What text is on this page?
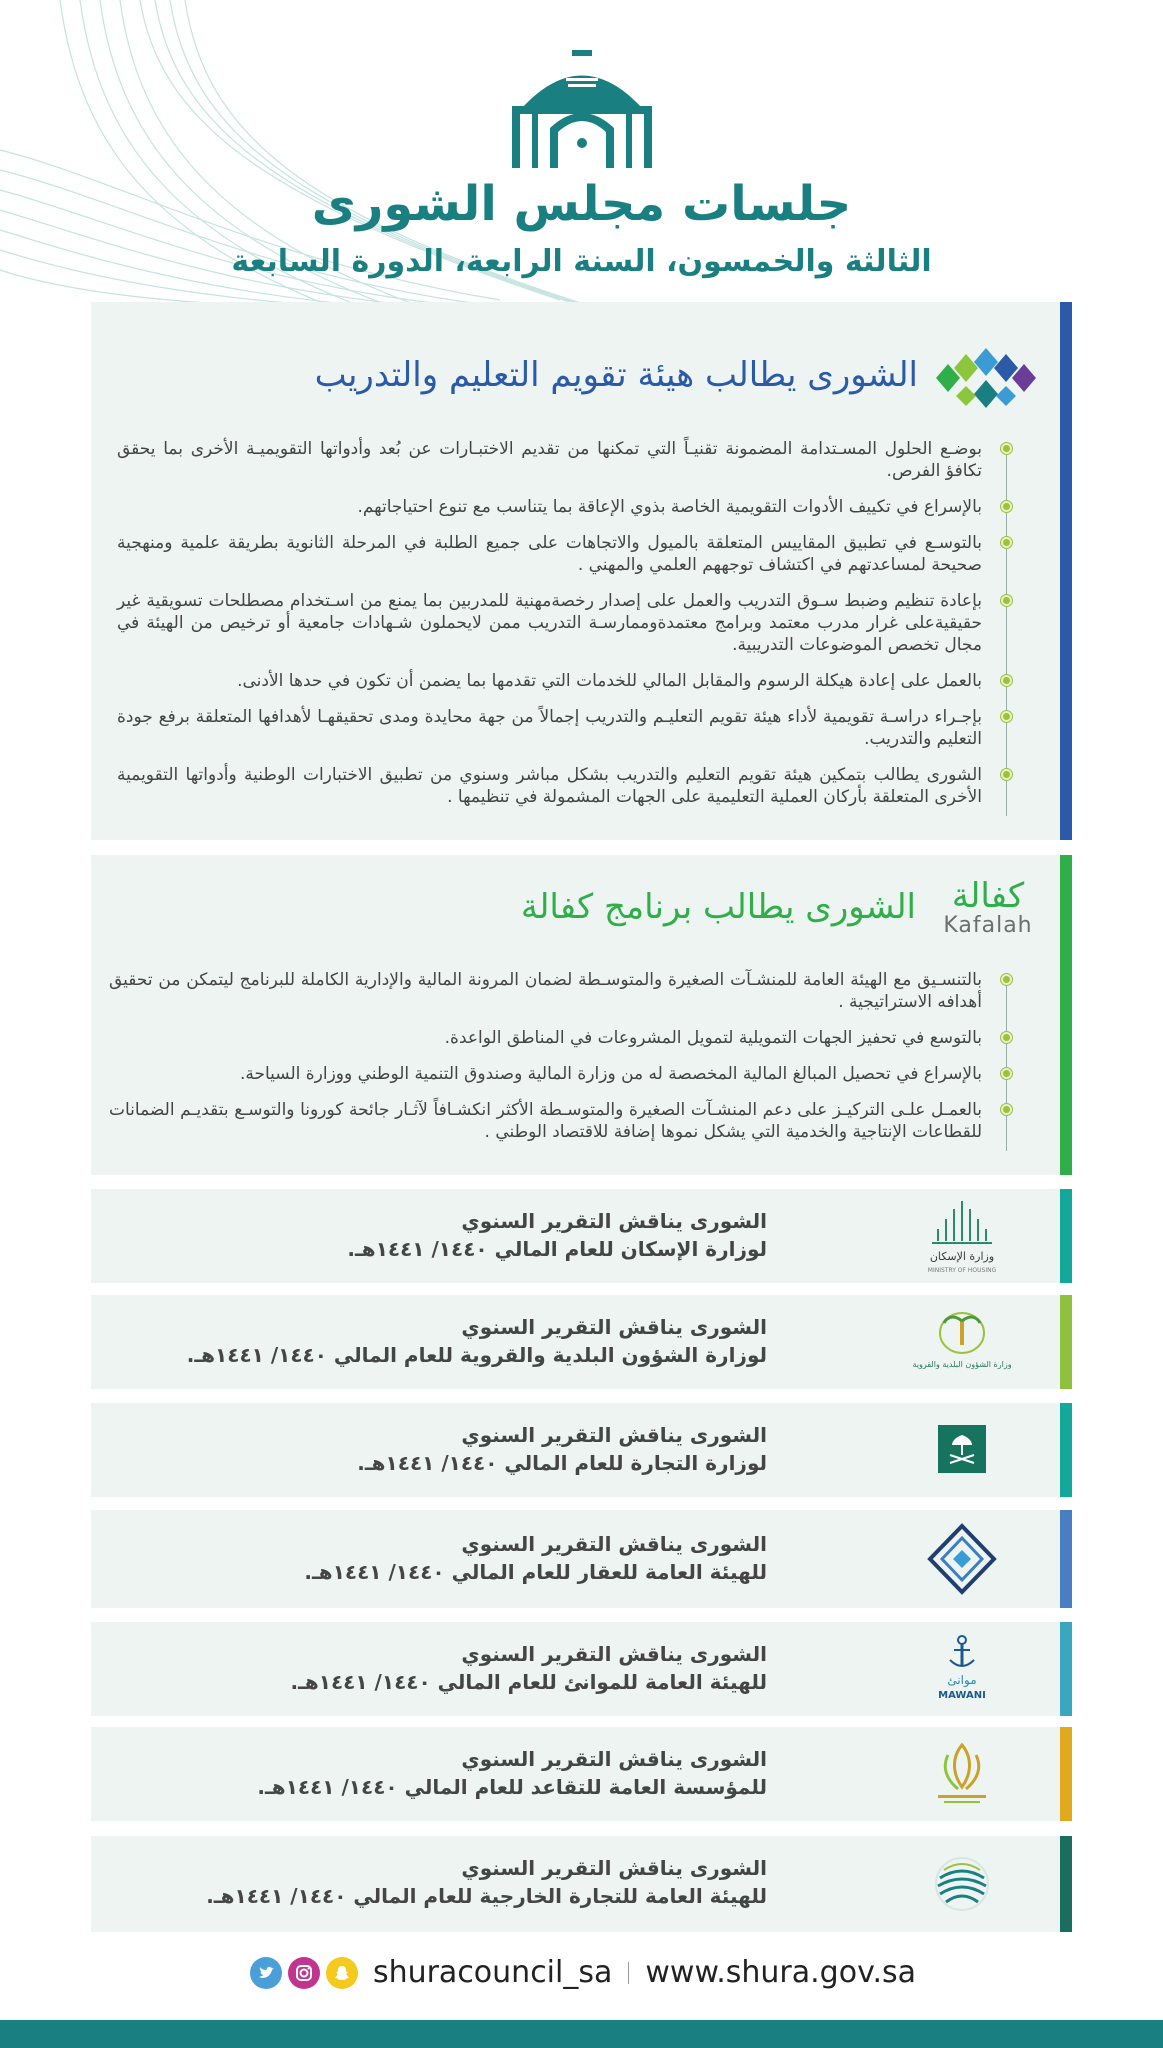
جلسات مجلس الشورى
الثالثة والخمسون، السنة الرابعة، الدورة السابعة
الشورى يطالب هيئة تقويم التعليم والتدريب
بوضـع الحلول المسـتدامة المضمونة تقنيـاً التي تمكنها من تقديم الاختبـارات عن بُعد وأدواتها التقويميـة الأخرى بما يحقق تكافؤ الفرص.
بالإسراع في تكييف الأدوات التقويمية الخاصة بذوي الإعاقة بما يتناسب مع تنوع احتياجاتهم.
بالتوسـع في تطبيق المقاييس المتعلقة بالميول والاتجاهات على جميع الطلبة في المرحلة الثانوية بطريقة علمية ومنهجية صحيحة لمساعدتهم في اكتشاف توجههم العلمي والمهني .
بإعادة تنظيم وضبط سـوق التدريب والعمل على إصدار رخصةمهنية للمدربين بما يمنع من اسـتخدام مصطلحات تسويقية غير حقيقيةعلى غرار مدرب معتمد وبرامج معتمدةوممارسـة التدريب ممن لايحملون شـهادات جامعية أو ترخيص من الهيئة في مجال تخصص الموضوعات التدريبية.
بالعمل على إعادة هيكلة الرسوم والمقابل المالي للخدمات التي تقدمها بما يضمن أن تكون في حدها الأدنى.
بإجـراء دراسـة تقويمية لأداء هيئة تقويم التعليـم والتدريب إجمالاً من جهة محايدة ومدى تحقيقهـا لأهدافها المتعلقة برفع جودة التعليم والتدريب.
الشورى يطالب بتمكين هيئة تقويم التعليم والتدريب بشكل مباشر وسنوي من تطبيق الاختبارات الوطنية وأدواتها التقويمية الأخرى المتعلقة بأركان العملية التعليمية على الجهات المشمولة في تنظيمها .
كفالة
Kafalah
الشورى يطالب برنامج كفالة
بالتنسـيق مع الهيئة العامة للمنشـآت الصغيرة والمتوسـطة لضمان المرونة المالية والإدارية الكاملة للبرنامج ليتمكن من تحقيق أهدافه الاستراتيجية .
بالتوسع في تحفيز الجهات التمويلية لتمويل المشروعات في المناطق الواعدة.
بالإسراع في تحصيل المبالغ المالية المخصصة له من وزارة المالية وصندوق التنمية الوطني ووزارة السياحة.
بالعمـل علـى التركيـز على دعم المنشـآت الصغيرة والمتوسـطة الأكثر انكشـافاً لآثـار جائحة كورونا والتوسـع بتقديـم الضمانات للقطاعات الإنتاجية والخدمية التي يشكل نموها إضافة للاقتصاد الوطني .
وزارة الإسكان
MINISTRY OF HOUSING
الشورى يناقش التقرير السنوي
لوزارة الإسكان للعام المالي ١٤٤٠/ ١٤٤١هـ.
وزارة الشؤون البلدية والقروية
الشورى يناقش التقرير السنوي
لوزارة الشؤون البلدية والقروية للعام المالي ١٤٤٠/ ١٤٤١هـ.
الشورى يناقش التقرير السنوي
لوزارة التجارة للعام المالي ١٤٤٠/ ١٤٤١هـ.
الشورى يناقش التقرير السنوي
للهيئة العامة للعقار للعام المالي ١٤٤٠/ ١٤٤١هـ.
موانئ
MAWANI
الشورى يناقش التقرير السنوي
للهيئة العامة للموانئ للعام المالي ١٤٤٠/ ١٤٤١هـ.
الشورى يناقش التقرير السنوي
للمؤسسة العامة للتقاعد للعام المالي ١٤٤٠/ ١٤٤١هـ.
الشورى يناقش التقرير السنوي
للهيئة العامة للتجارة الخارجية للعام المالي ١٤٤٠/ ١٤٤١هـ.
shuracouncil_sa www.shura.gov.sa
